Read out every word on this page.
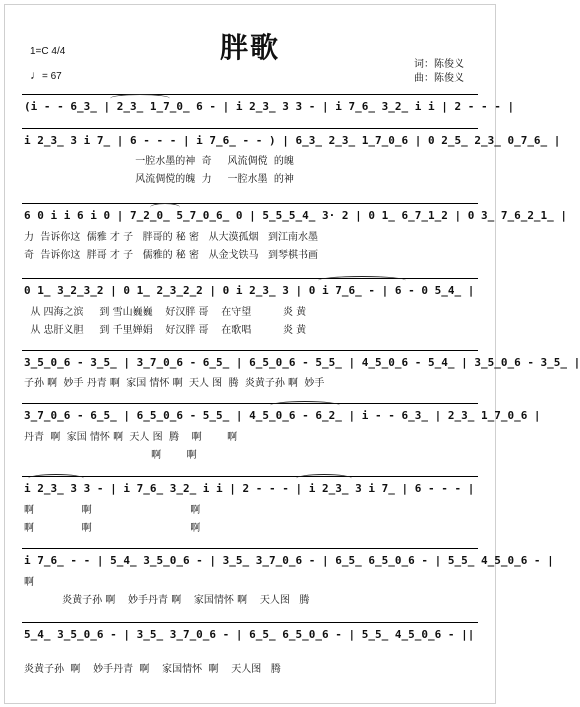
胖歌
1=C 4/4
♩= 67
词：陈俊义
曲：陈俊义
(i - - 6̲3̲ | 2̲3̲ 1̲7̲0̲ 6 - | i 2̲3̲ 3 3 - | i 7̲6̲ 3̲2̲ i i | 2 - - - |
i 2̲3̲ 3 i 7̲ | 6 - - - | i 7̲6̲ - - ) | 6̲3̲ 2̲3̲ 1̲7̲0̲6 | 0 2̲5̲ 2̲3̲ 0̲7̲6̲ |
一腔水墨的神  奇     风流倜傥  的魄
风流倜傥的魄  力     一腔水墨  的神
6 0 i i 6 i 0 | 7̲2̲0̲ 5̲7̲0̲6̲ 0 | 5̲5̲5̲4̲ 3· 2 | 0 1̲ 6̲7̲1̲2 | 0 3̲ 7̲6̲2̲1̲ |
力  告诉你这  儒雅 才 子   胖哥的 秘 密   从大漠孤烟   到江南水墨
奇  告诉你这  胖哥 才 子   儒雅的 秘 密   从金戈铁马   到琴棋书画
0 1̲ 3̲2̲3̲2 | 0 1̲ 2̲3̲2̲2 | 0 i 2̲3̲ 3 | 0 i 7̲6̲ - | 6 - 0 5̲4̲ |
从 四海之滨     到 雪山巍巍    好汉胖 哥    在守望          炎 黄
从 忠肝义胆     到 千里婵娟    好汉胖 哥    在歌唱          炎 黄
3̲5̲0̲6 - 3̲5̲ | 3̲7̲0̲6 - 6̲5̲ | 6̲5̲0̲6 - 5̲5̲ | 4̲5̲0̲6 - 5̲4̲ | 3̲5̲0̲6 - 3̲5̲ |
子孙 啊  妙手 丹青 啊  家国 情怀 啊  天人 图  腾  炎黄子孙 啊  妙手
3̲7̲0̲6 - 6̲5̲ | 6̲5̲0̲6 - 5̲5̲ | 4̲5̲0̲6 - 6̲2̲ | i - - 6̲3̲ | 2̲3̲ 1̲7̲0̲6 |
丹青  啊  家国 情怀 啊  天人 图  腾    啊        啊
啊        啊
i 2̲3̲ 3 3 - | i 7̲6̲ 3̲2̲ i i | 2 - - - | i 2̲3̲ 3 i 7̲ | 6 - - - |
啊               啊                               啊
啊               啊                               啊
i 7̲6̲ - - | 5̲4̲ 3̲5̲0̲6 - | 3̲5̲ 3̲7̲0̲6 - | 6̲5̲ 6̲5̲0̲6 - | 5̲5̲ 4̲5̲0̲6 - |
啊
炎黄子孙 啊    妙手丹青 啊    家国情怀 啊    天人图   腾
5̲4̲ 3̲5̲0̲6 - | 3̲5̲ 3̲7̲0̲6 - | 6̲5̲ 6̲5̲0̲6 - | 5̲5̲ 4̲5̲0̲6 - ||
炎黄子孙  啊    妙手丹青  啊    家国情怀  啊    天人图   腾
